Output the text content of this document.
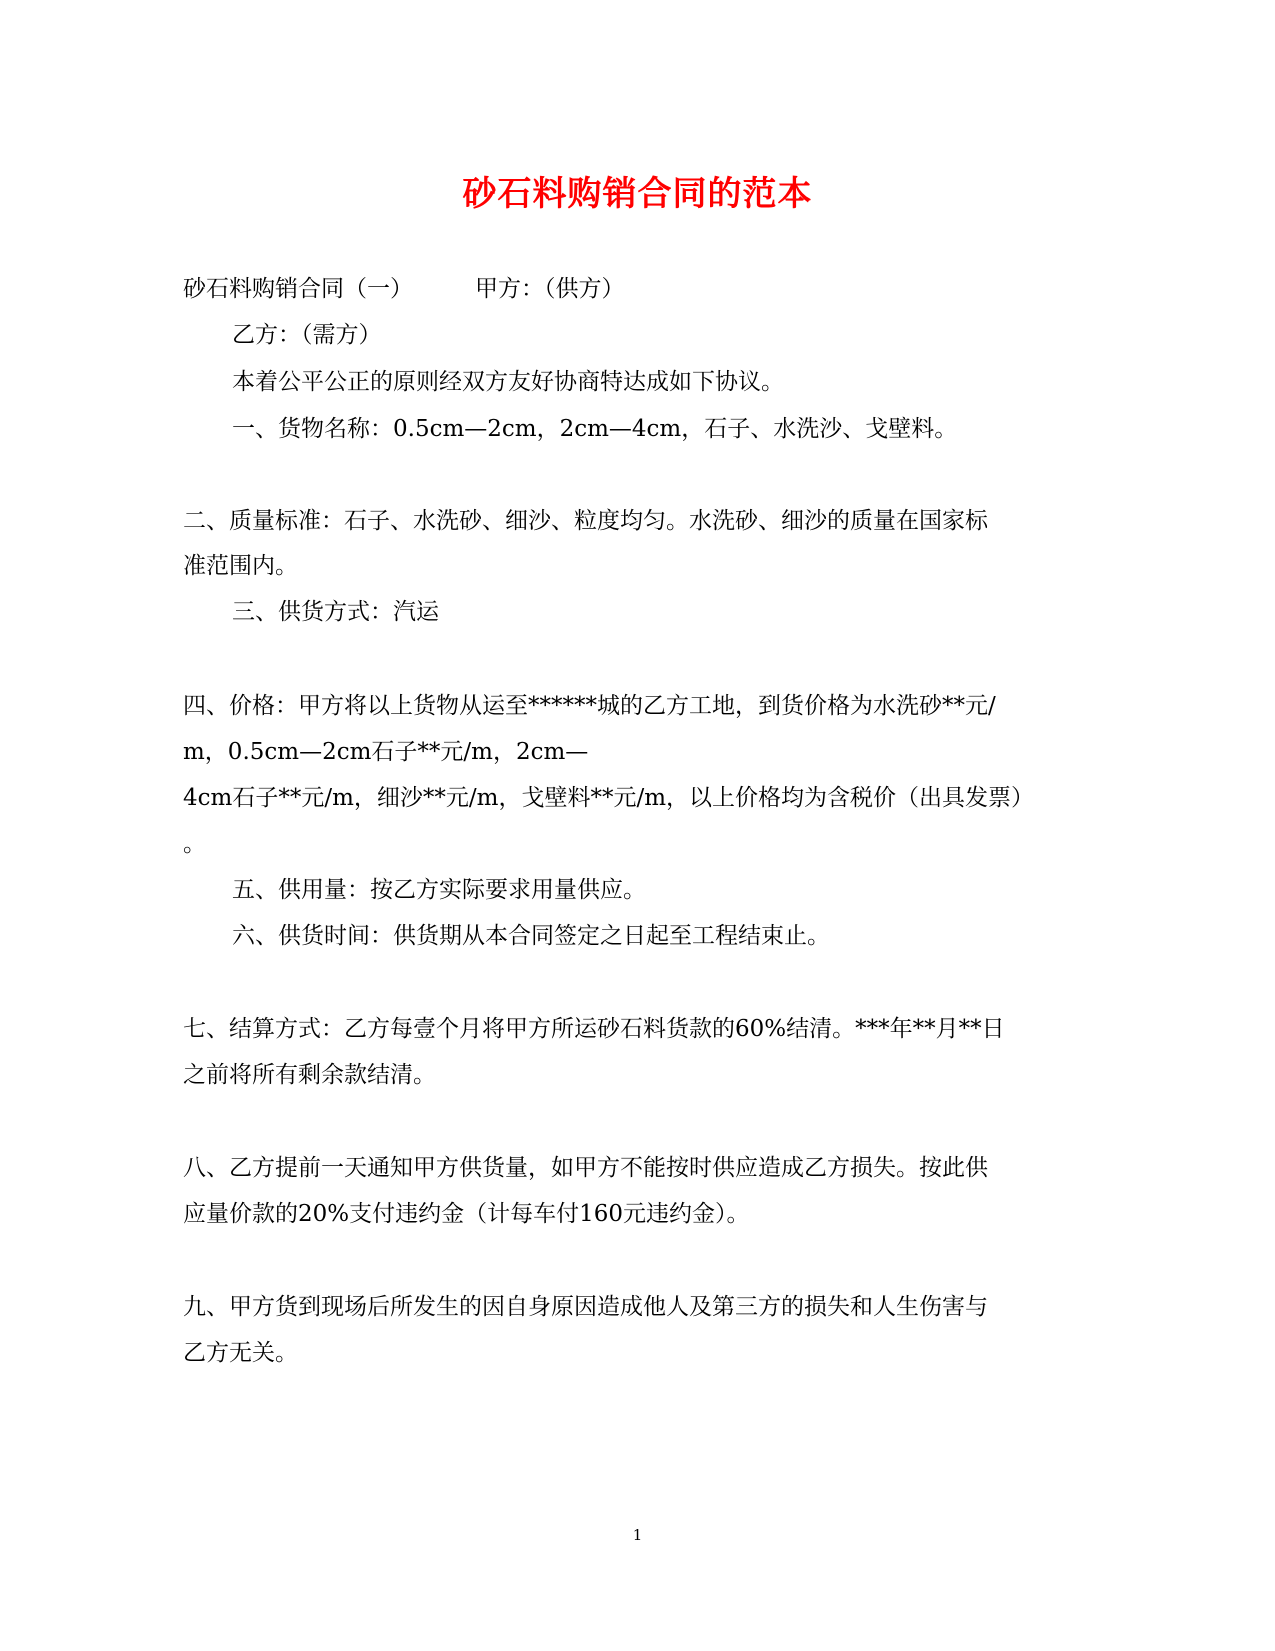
砂石料购销合同的范本
砂石料购销合同（一）	甲方：（供方）
乙方：（需方）
本着公平公正的原则经双方友好协商特达成如下协议。
一、货物名称：0.5cm—2cm，2cm—4cm，石子、水洗沙、戈壁料。
二、质量标准：石子、水洗砂、细沙、粒度均匀。水洗砂、细沙的质量在国家标
准范围内。
三、供货方式：汽运
四、价格：甲方将以上货物从运至******城的乙方工地，到货价格为水洗砂**元/
m，0.5cm—2cm石子**元/m，2cm—
4cm石子**元/m，细沙**元/m，戈壁料**元/m，以上价格均为含税价（出具发票）
。
五、供用量：按乙方实际要求用量供应。
六、供货时间：供货期从本合同签定之日起至工程结束止。
七、结算方式：乙方每壹个月将甲方所运砂石料货款的60%结清。***年**月**日
之前将所有剩余款结清。
八、乙方提前一天通知甲方供货量，如甲方不能按时供应造成乙方损失。按此供
应量价款的20%支付违约金（计每车付160元违约金）。
九、甲方货到现场后所发生的因自身原因造成他人及第三方的损失和人生伤害与
乙方无关。
1
